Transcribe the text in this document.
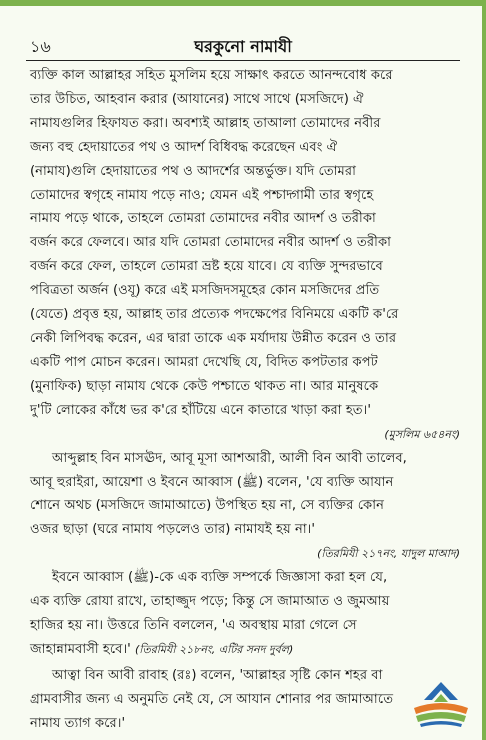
১৬	ঘরকুনো নামাযী
ব্যক্তি কাল আল্লাহর সহিত মুসলিম হয়ে সাক্ষাৎ করতে আনন্দবোধ করে
তার উচিত, আহবান করার (আযানের) সাথে সাথে (মসজিদে) ঐ
নামাযগুলির হিফাযত করা। অবশ্যই আল্লাহ তাআলা তোমাদের নবীর
জন্য বহু হেদায়াতের পথ ও আদর্শ বিধিবদ্ধ করেছেন এবং ঐ
(নামায)গুলি হেদায়াতের পথ ও আদর্শের অন্তর্ভুক্ত। যদি তোমরা
তোমাদের স্বগৃহে নামায পড়ে নাও; যেমন এই পশ্চাদ্গামী তার স্বগৃহে
নামায পড়ে থাকে, তাহলে তোমরা তোমাদের নবীর আদর্শ ও তরীকা
বর্জন করে ফেলবে। আর যদি তোমরা তোমাদের নবীর আদর্শ ও তরীকা
বর্জন করে ফেল, তাহলে তোমরা ভ্রষ্ট হয়ে যাবে। যে ব্যক্তি সুন্দরভাবে
পবিত্রতা অর্জন (ওযূ) করে এই মসজিদসমূহের কোন মসজিদের প্রতি
(যেতে) প্রবৃত্ত হয়, আল্লাহ তার প্রত্যেক পদক্ষেপের বিনিময়ে একটি ক'রে
নেকী লিপিবদ্ধ করেন, এর দ্বারা তাকে এক মর্যাদায় উন্নীত করেন ও তার
একটি পাপ মোচন করেন। আমরা দেখেছি যে, বিদিত কপটতার কপট
(মুনাফিক) ছাড়া নামায থেকে কেউ পশ্চাতে থাকত না। আর মানুষকে
দু'টি লোকের কাঁধে ভর ক'রে হাঁটিয়ে এনে কাতারে খাড়া করা হত।'
(মুসলিম ৬৫৪নং)
আব্দুল্লাহ বিন মাসঊদ, আবূ মূসা আশআরী, আলী বিন আবী তালেব,
আবূ হুরাইরা, আয়েশা ও ইবনে আব্বাস (ﷺ) বলেন, 'যে ব্যক্তি আযান
শোনে অথচ (মসজিদে জামাআতে) উপস্থিত হয় না, সে ব্যক্তির কোন
ওজর ছাড়া (ঘরে নামায পড়লেও তার) নামাযই হয় না।'
(তিরমিযী ২১৭নং, যাদুল মাআদ)
ইবনে আব্বাস (ﷺ)-কে এক ব্যক্তি সম্পর্কে জিজ্ঞাসা করা হল যে,
এক ব্যক্তি রোযা রাখে, তাহাজ্জুদ পড়ে; কিন্তু সে জামাআত ও জুমআয়
হাজির হয় না। উত্তরে তিনি বললেন, 'এ অবস্থায় মারা গেলে সে
জাহান্নামবাসী হবে।' (তিরমিযী ২১৮নং, এটির সনদ দুর্বল)
আত্বা বিন আবী রাবাহ (রঃ) বলেন, 'আল্লাহর সৃষ্টি কোন শহর বা
গ্রামবাসীর জন্য এ অনুমতি নেই যে, সে আযান শোনার পর জামাআতে
নামায ত্যাগ করে।'
